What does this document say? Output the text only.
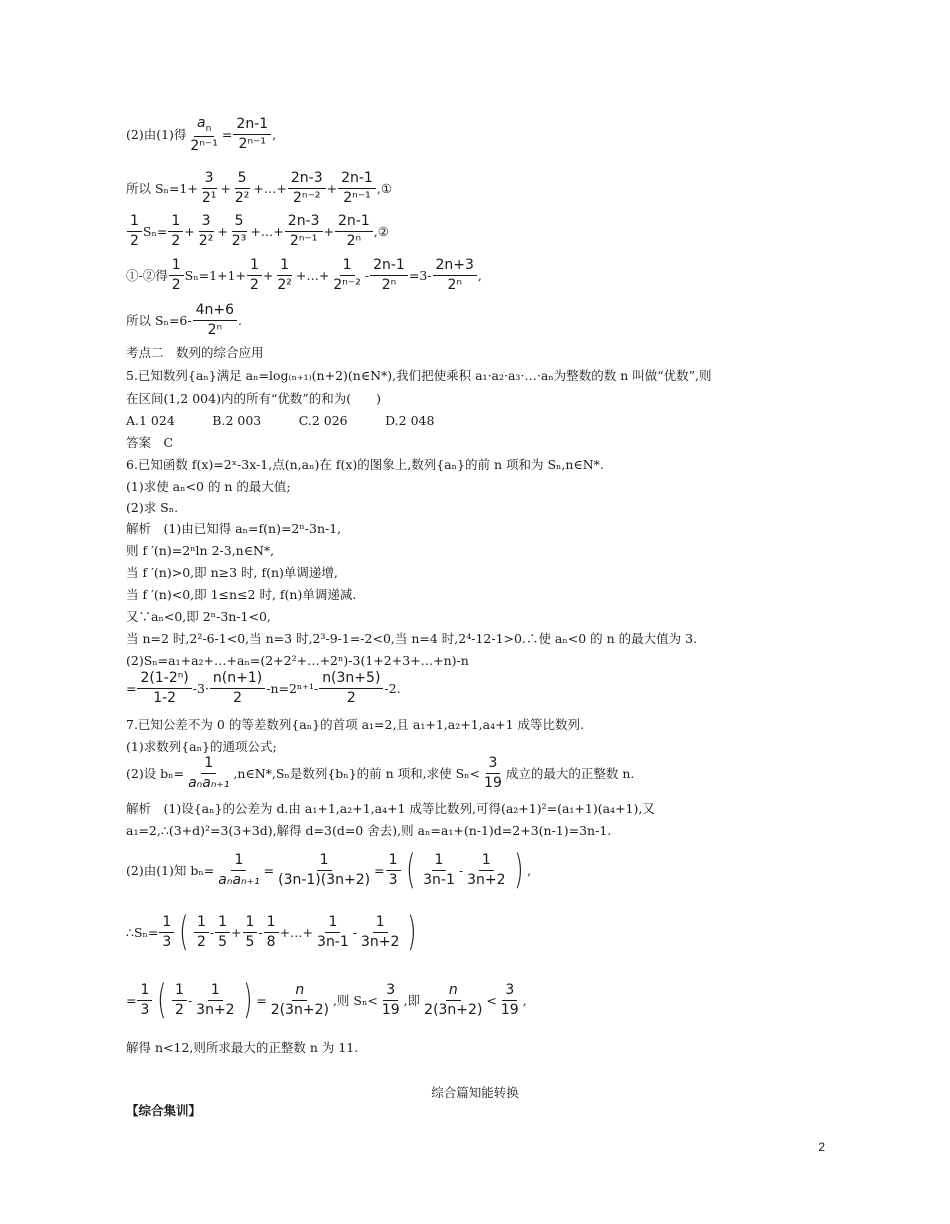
(2)由(1)得 $\frac{a_n}{\text{2ⁿ⁻¹}} = \frac{2n-1}{\text{2ⁿ⁻¹}}$ ,
所以 $S_n=1+ \frac{3}{\text{2¹}} + \frac{5}{\text{2²}}$ +…+ $\frac{2n-3}{\text{2ⁿ⁻²}} + \frac{2n-1}{\text{2ⁿ⁻¹}}$ ,①
$\frac{1}{2} S_n= \frac{1}{2} + \frac{3}{\text{2²}} + \frac{5}{\text{2³}}$ +…+ $\frac{2n-3}{\text{2ⁿ⁻¹}} + \frac{2n-1}{\text{2ⁿ}}$ ,②
①-②得 $\frac{1}{2} S_n=1+1+ \frac{1}{2} + \frac{1}{\text{2²}}$ +…+ $\frac{1}{\text{2ⁿ⁻²}} - \frac{2n-1}{\text{2ⁿ}} =3- \frac{2n+3}{\text{2ⁿ}}$ ,
所以 $S_n=6- \frac{4n+6}{\text{2ⁿ}}$ .
考点二　数列的综合应用
5.已知数列{aₙ}满足 aₙ=log₍ₙ₊₁₎(n+2)(n∈N*),我们把使乘积 a₁·a₂·a₃·…·aₙ为整数的数 n 叫做“优数”,则
在区间(1,2 004)内的所有“优数”的和为(　　)
A.1 024　　　B.2 003　　　C.2 026　　　D.2 048
答案　C
6.已知函数 f(x)=2ˣ-3x-1,点(n,aₙ)在 f(x)的图象上,数列{aₙ}的前 n 项和为 Sₙ,n∈N*.
(1)求使 aₙ<0 的 n 的最大值;
(2)求 Sₙ.
解析　(1)由已知得 aₙ=f(n)=2ⁿ-3n-1,
则 f ′(n)=2ⁿln 2-3,n∈N*,
当 f ′(n)>0,即 n≥3 时, f(n)单调递增,
当 f ′(n)<0,即 1≤n≤2 时, f(n)单调递减.
又∵aₙ<0,即 2ⁿ-3n-1<0,
当 n=2 时,2²-6-1<0,当 n=3 时,2³-9-1=-2<0,当 n=4 时,2⁴-12-1>0.∴使 aₙ<0 的 n 的最大值为 3.
(2)Sₙ=a₁+a₂+…+aₙ=(2+2²+…+2ⁿ)-3(1+2+3+…+n)-n
= $\frac{\text{2(1-2ⁿ)}}{1-2} -3\cdot \frac{n(n+1)}{2} -n=2^{n+1}- \frac{n(3n+5)}{2} -2$.
7.已知公差不为 0 的等差数列{aₙ}的首项 a₁=2,且 a₁+1,a₂+1,a₄+1 成等比数列.
(1)求数列{aₙ}的通项公式;
(2)设 $b_n= \frac{1}{\text{aₙaₙ₊₁}}$ ,n∈N*,Sₙ是数列{bₙ}的前 n 项和,求使 $S_n< \frac{3}{19}$ 成立的最大的正整数 n.
解析　(1)设{aₙ}的公差为 d.由 a₁+1,a₂+1,a₄+1 成等比数列,可得(a₂+1)²=(a₁+1)(a₄+1),又
a₁=2,∴(3+d)²=3(3+3d),解得 d=3(d=0 舍去),则 aₙ=a₁+(n-1)d=2+3(n-1)=3n-1.
(2)由(1)知 $b_n= \frac{1}{\text{aₙaₙ₊₁}} = \frac{1}{(3n-1)(3n+2)} = \frac{1}{3}$ ( $\frac{1}{3n-1} - \frac{1}{3n+2}$ ) ,
∴Sₙ= $\frac{1}{3}$ ( $\frac{1}{2} - \frac{1}{5} + \frac{1}{5} - \frac{1}{8}$ +…+ $\frac{1}{3n-1} - \frac{1}{3n+2}$ )
= $\frac{1}{3}$ ( $\frac{1}{2} - \frac{1}{3n+2}$ ) = $\frac{n}{2(3n+2)}$ ,则 $S_n< \frac{3}{19}$ ,即 $\frac{n}{2(3n+2)} < \frac{3}{19}$ ,
解得 n<12,则所求最大的正整数 n 为 11.
综合篇知能转换
【综合集训】
2
